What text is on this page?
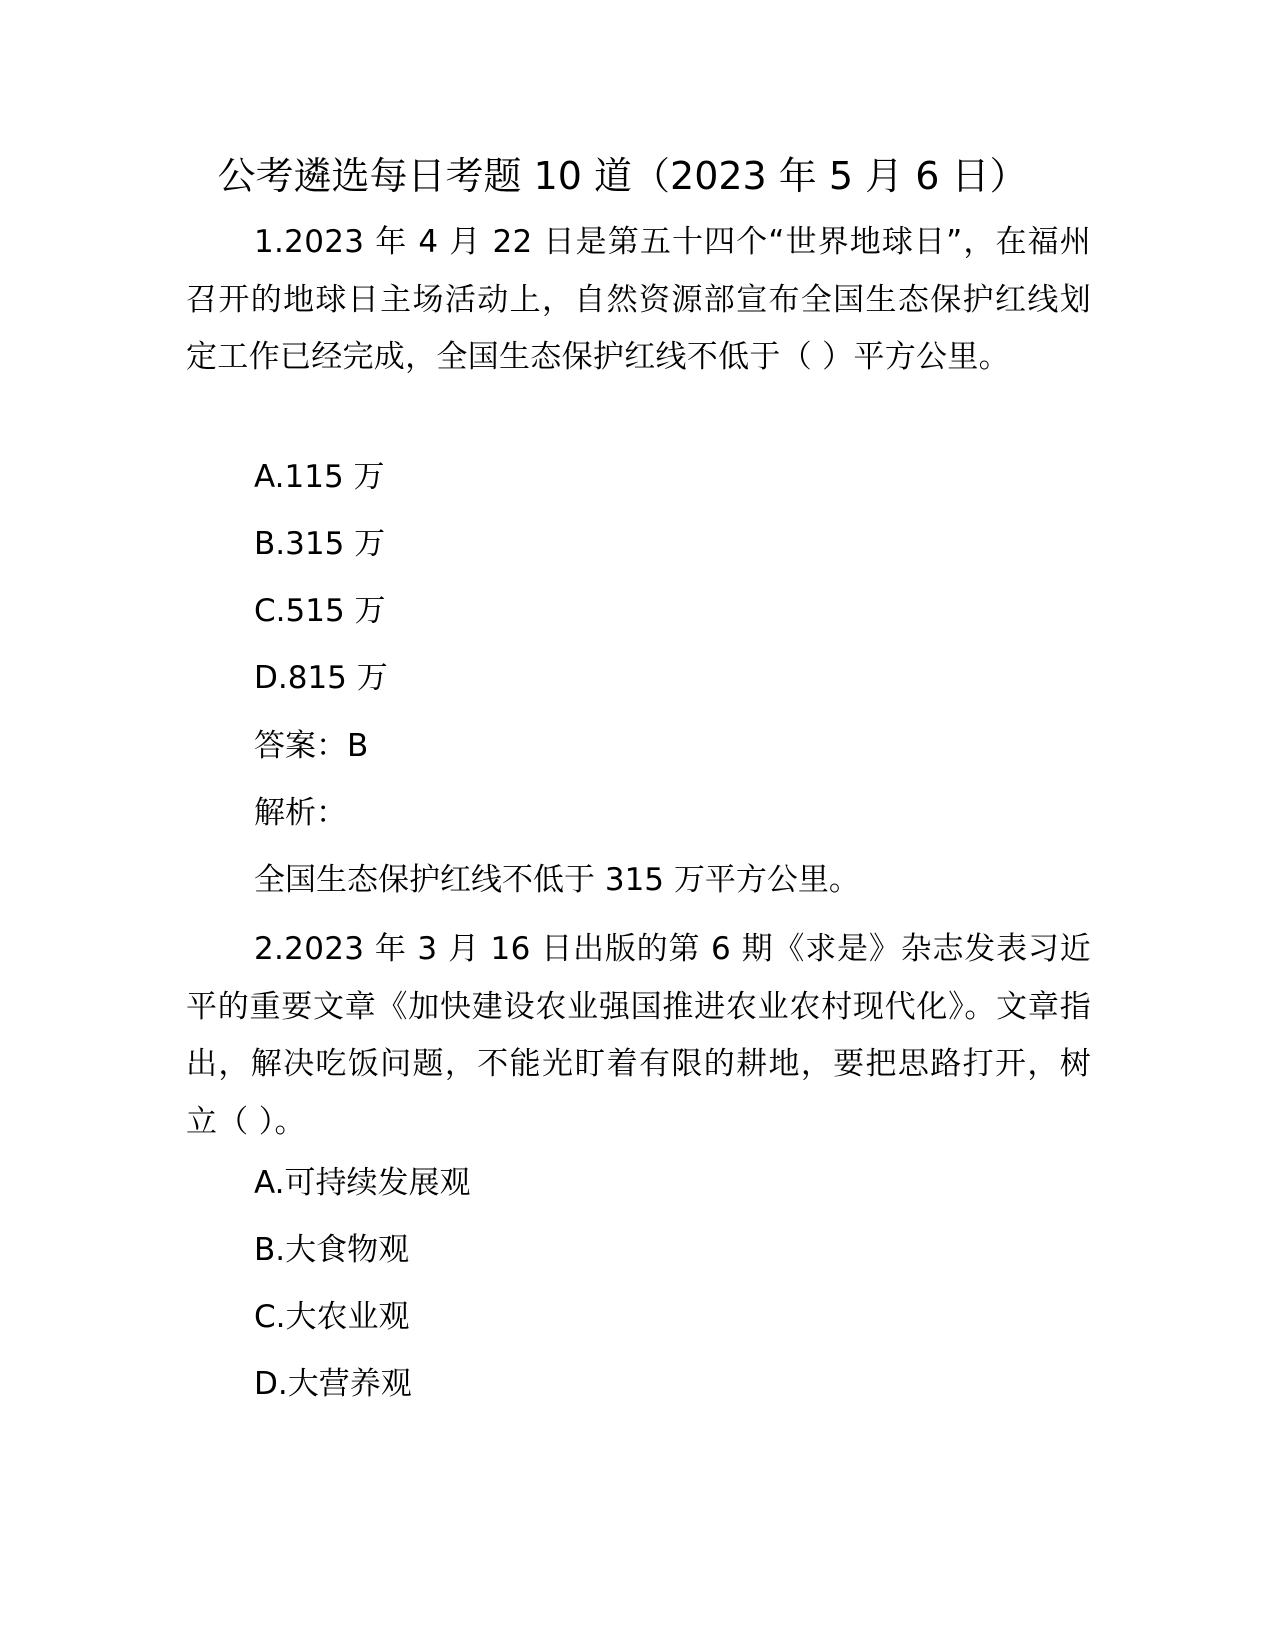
公考遴选每日考题 10 道（2023 年 5 月 6 日）
1.2023 年 4 月 22 日是第五十四个“世界地球日”，在福州召开的地球日主场活动上，自然资源部宣布全国生态保护红线划定工作已经完成，全国生态保护红线不低于（ ）平方公里。
A.115 万
B.315 万
C.515 万
D.815 万
答案：B
解析：
全国生态保护红线不低于 315 万平方公里。
2.2023 年 3 月 16 日出版的第 6 期《求是》杂志发表习近平的重要文章《加快建设农业强国推进农业农村现代化》。文章指出，解决吃饭问题，不能光盯着有限的耕地，要把思路打开，树立（ ）。
A.可持续发展观
B.大食物观
C.大农业观
D.大营养观
